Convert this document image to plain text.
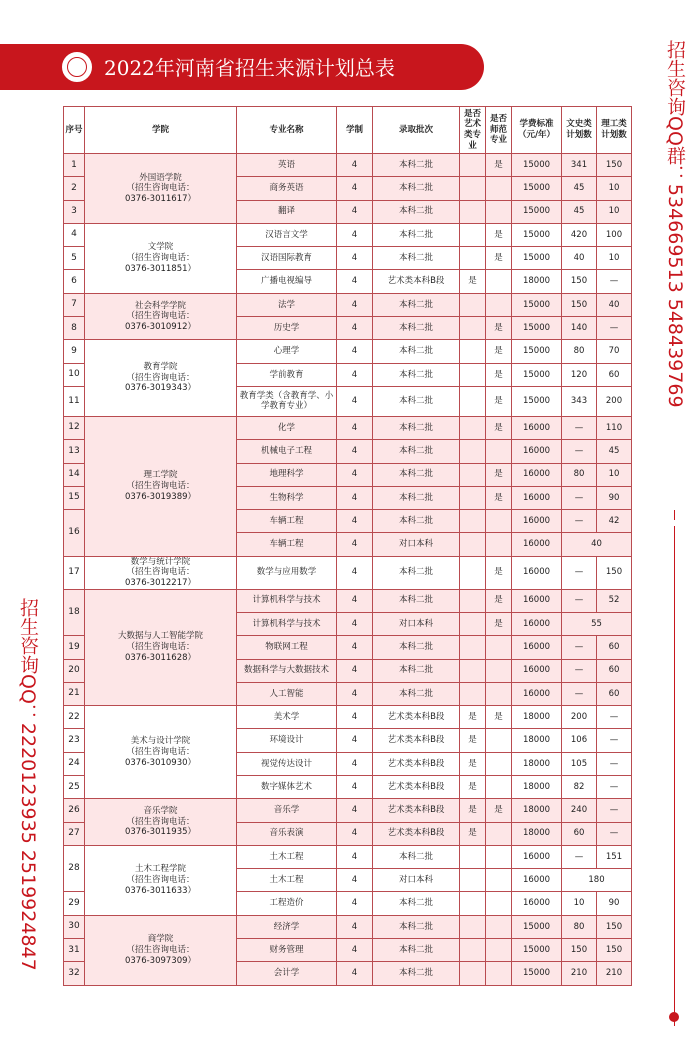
2022年河南省招生来源计划总表	招生咨询QQ群：534669513 548439769
招生咨询QQ：2220123935 2519924847
序号	学院	专业名称	学制	录取批次	是否艺术类专业	是否师范专业	学费标准（元/年）	文史类计划数	理工类计划数
1	外国语学院
（招生咨询电话：
0376-3011617）	英语	4	本科二批		是	15000	341	150
2		商务英语	4	本科二批			15000	45	10
3		翻译	4	本科二批			15000	45	10
4	文学院
（招生咨询电话：
0376-3011851）	汉语言文学	4	本科二批		是	15000	420	100
5		汉语国际教育	4	本科二批		是	15000	40	10
6		广播电视编导	4	艺术类本科B段	是		18000	150	—
7	社会科学学院
（招生咨询电话：
0376-3010912）	法学	4	本科二批			15000	150	40
8		历史学	4	本科二批		是	15000	140	—
9	教育学院
（招生咨询电话：
0376-3019343）	心理学	4	本科二批		是	15000	80	70
10		学前教育	4	本科二批		是	15000	120	60
11		教育学类（含教育学、小学教育专业）	4	本科二批		是	15000	343	200
12	理工学院
（招生咨询电话：
0376-3019389）	化学	4	本科二批		是	16000	—	110
13		机械电子工程	4	本科二批			16000	—	45
14		地理科学	4	本科二批		是	16000	80	10
15		生物科学	4	本科二批		是	16000	—	90
16		车辆工程	4	本科二批			16000	—	42
		车辆工程	4	对口本科			16000	40	
17	数学与统计学院
（招生咨询电话：
0376-3012217）	数学与应用数学	4	本科二批		是	16000	—	150
18	大数据与人工智能学院
（招生咨询电话：
0376-3011628）	计算机科学与技术	4	本科二批		是	16000	—	52
		计算机科学与技术	4	对口本科		是	16000	55	
19		物联网工程	4	本科二批			16000	—	60
20		数据科学与大数据技术	4	本科二批			16000	—	60
21		人工智能	4	本科二批			16000	—	60
22	美术与设计学院
（招生咨询电话：
0376-3010930）	美术学	4	艺术类本科B段	是	是	18000	200	—
23		环境设计	4	艺术类本科B段	是		18000	106	—
24		视觉传达设计	4	艺术类本科B段	是		18000	105	—
25		数字媒体艺术	4	艺术类本科B段	是		18000	82	—
26	音乐学院
（招生咨询电话：
0376-3011935）	音乐学	4	艺术类本科B段	是	是	18000	240	—
27		音乐表演	4	艺术类本科B段	是		18000	60	—
28	土木工程学院
（招生咨询电话：
0376-3011633）	土木工程	4	本科二批			16000	—	151
		土木工程	4	对口本科			16000	180	
29		工程造价	4	本科二批			16000	10	90
30	商学院
（招生咨询电话：
0376-3097309）	经济学	4	本科二批			15000	80	150
31		财务管理	4	本科二批			15000	150	150
32		会计学	4	本科二批			15000	210	210
